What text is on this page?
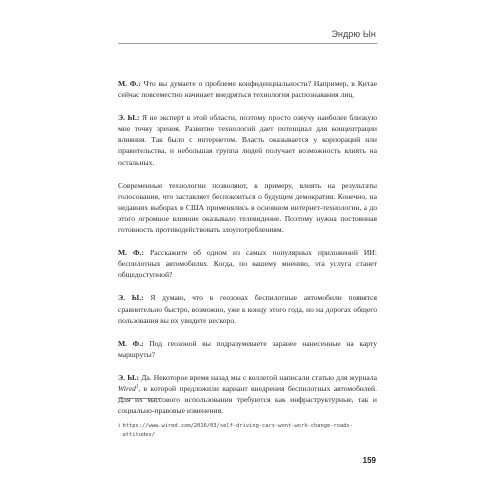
Эндрю Ын

М. Ф.: Что вы думаете о проблеме конфиденциальности? Например, в Китае сейчас повсеместно начинает внедряться технология распознавания лиц.

Э. Ы.: Я не эксперт в этой области, поэтому просто озвучу наиболее близкую мне точку зрения. Развитие технологий дает потенциал для концентрации влияния. Так было с интернетом. Власть оказывается у корпораций или правительства, и небольшая группа людей получает возможность влиять на остальных.

Современные технологии позволяют, к примеру, влиять на результаты голосования, что заставляет беспокоиться о будущем демократии. Конечно, на недавних выборах в США применялись в основном интернет-технологии, а до этого огромное влияние оказывало телевидение. Поэтому нужна постоянная готовность противодействовать злоупотреблениям.

М. Ф.: Расскажите об одном из самых популярных приложений ИИ: беспилотных автомобилях. Когда, по вашему мнению, эта услуга станет общедоступной?

Э. Ы.: Я думаю, что в геозонах беспилотные автомобили появятся сравнительно быстро, возможно, уже к концу этого года, но на дорогах общего пользования вы их увидите нескоро.

М. Ф.: Под геозоной вы подразумеваете заранее нанесенные на карту маршруты?

Э. Ы.: Да. Некоторое время назад мы с коллегой написали статью для журнала Wired$^1$, в которой предложили вариант внедрения беспилотных автомобилей. Для их массового использования требуются как инфраструктурные, так и социально-правовые изменения.

1 https://www.wired.com/2016/03/self-driving-cars-wont-work-change-roads-attitudes/
159
